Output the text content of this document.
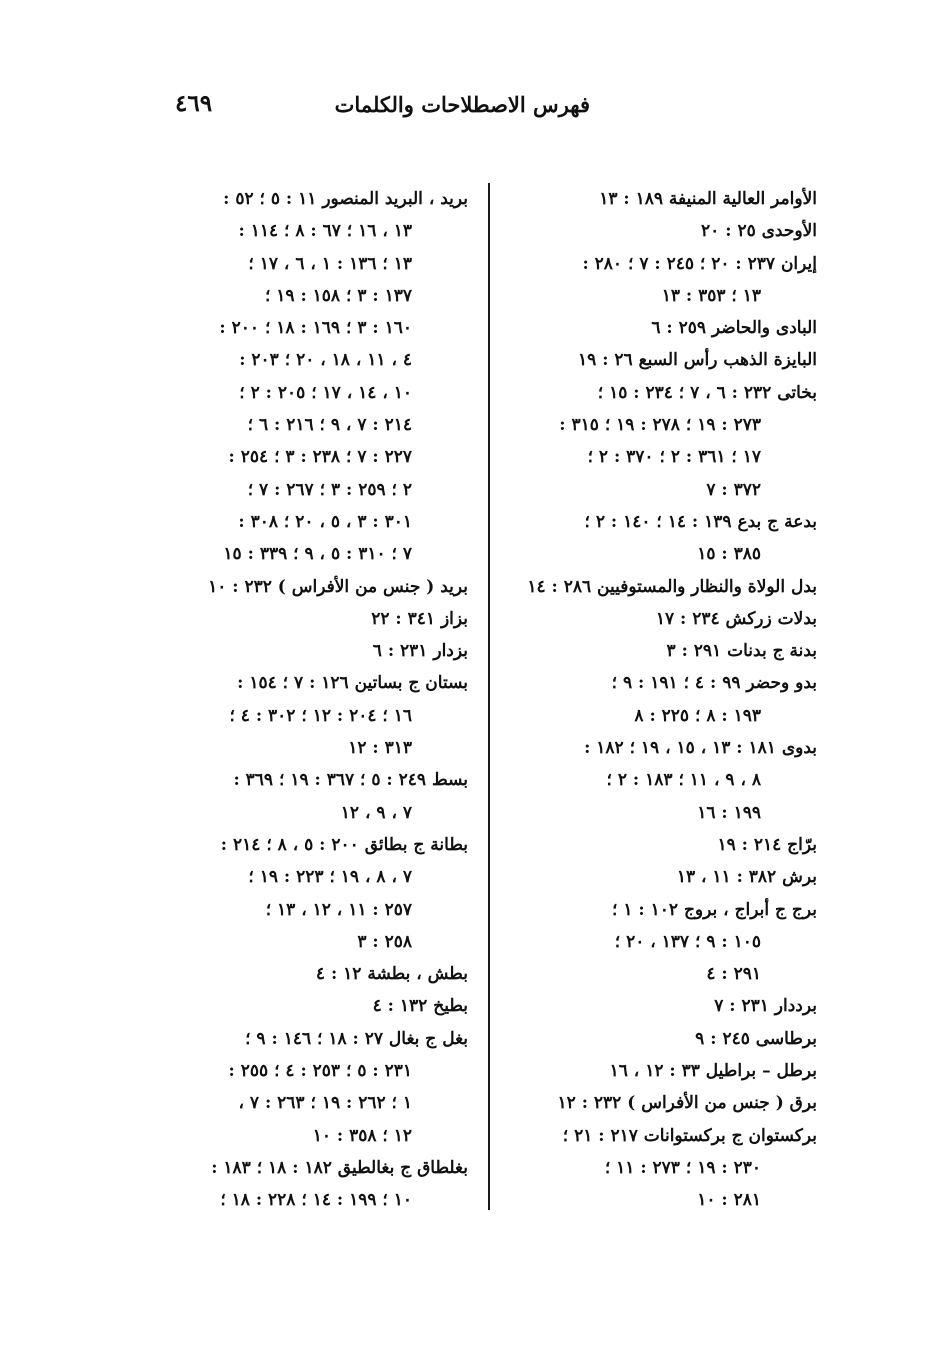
فهرس الاصطلاحات والكلمات
٤٦٩
الأوامر العالية المنيفة ١٨٩ : ١٣
الأوحدى ٢٥ : ٢٠
إيران ٢٣٧ : ٢٠ ؛ ٢٤٥ : ٧ ؛ ٢٨٠ :
١٣ ؛ ٣٥٣ : ١٣
البادى والحاضر ٢٥٩ : ٦
البايزة الذهب رأس السبع ٢٦ : ١٩
بخاتى ٢٣٢ : ٦ ، ٧ ؛ ٢٣٤ : ١٥ ؛
٢٧٣ : ١٩ ؛ ٢٧٨ : ١٩ ؛ ٣١٥ :
١٧ ؛ ٣٦١ : ٢ ؛ ٣٧٠ : ٢ ؛
٣٧٢ : ٧
بدعة ج بدع ١٣٩ : ١٤ ؛ ١٤٠ : ٢ ؛
٣٨٥ : ١٥
بدل الولاة والنظار والمستوفيين ٢٨٦ : ١٤
بدلات زركش ٢٣٤ : ١٧
بدنة ج بدنات ٢٩١ : ٣
بدو وحضر ٩٩ : ٤ ؛ ١٩١ : ٩ ؛
١٩٣ : ٨ ؛ ٢٢٥ : ٨
بدوى ١٨١ : ١٣ ، ١٥ ، ١٩ ؛ ١٨٢ :
٨ ، ٩ ، ١١ ؛ ١٨٣ : ٢ ؛
١٩٩ : ١٦
برّاج ٢١٤ : ١٩
برش ٣٨٢ : ١١ ، ١٣
برج ج أبراج ، بروج ١٠٢ : ١ ؛
١٠٥ : ٩ ؛ ١٣٧ ، ٢٠ ؛
٢٩١ : ٤
برددار ٢٣١ : ٧
برطاسى ٢٤٥ : ٩
برطل – براطيل ٣٣ : ١٢ ، ١٦
برق ( جنس من الأفراس ) ٢٣٢ : ١٢
برکستوان ج برکستوانات ٢١٧ : ٢١ ؛
٢٣٠ : ١٩ ؛ ٢٧٣ : ١١ ؛
٢٨١ : ١٠
بريد ، البريد المنصور ١١ : ٥ ؛ ٥٢ :
١٣ ، ١٦ ؛ ٦٧ : ٨ ؛ ١١٤ :
١٣ ؛ ١٣٦ : ١ ، ٦ ، ١٧ ؛
١٣٧ : ٣ ؛ ١٥٨ : ١٩ ؛
١٦٠ : ٣ ؛ ١٦٩ : ١٨ ؛ ٢٠٠ :
٤ ، ١١ ، ١٨ ، ٢٠ ؛ ٢٠٣ :
١٠ ، ١٤ ، ١٧ ؛ ٢٠٥ : ٢ ؛
٢١٤ : ٧ ، ٩ ؛ ٢١٦ : ٦ ؛
٢٢٧ : ٧ ؛ ٢٣٨ : ٣ ؛ ٢٥٤ :
٢ ؛ ٢٥٩ : ٣ ؛ ٢٦٧ : ٧ ؛
٣٠١ : ٣ ، ٥ ، ٢٠ ؛ ٣٠٨ :
٧ ؛ ٣١٠ : ٥ ، ٩ ؛ ٣٣٩ : ١٥
بريد ( جنس من الأفراس ) ٢٣٢ : ١٠
بزاز ٣٤١ : ٢٢
بزدار ٢٣١ : ٦
بستان ج بساتين ١٢٦ : ٧ ؛ ١٥٤ :
١٦ ؛ ٢٠٤ : ١٢ ؛ ٣٠٢ : ٤ ؛
٣١٣ : ١٢
بسط ٢٤٩ : ٥ ؛ ٣٦٧ : ١٩ ؛ ٣٦٩ :
٧ ، ٩ ، ١٢
بطانة ج بطائق ٢٠٠ : ٥ ، ٨ ؛ ٢١٤ :
٧ ، ٨ ، ١٩ ؛ ٢٢٣ : ١٩ ؛
٢٥٧ : ١١ ، ١٢ ، ١٣ ؛
٢٥٨ : ٣
بطش ، بطشة ١٢ : ٤
بطيخ ١٣٢ : ٤
بغل ج بغال ٢٧ : ١٨ ؛ ١٤٦ : ٩ ؛
٢٣١ : ٥ ؛ ٢٥٣ : ٤ ؛ ٢٥٥ :
١ ؛ ٢٦٢ : ١٩ ؛ ٢٦٣ : ٧ ،
١٢ ؛ ٣٥٨ : ١٠
بغلطاق ج بغالطيق ١٨٢ : ١٨ ؛ ١٨٣ :
١٠ ؛ ١٩٩ : ١٤ ؛ ٢٢٨ : ١٨ ؛
